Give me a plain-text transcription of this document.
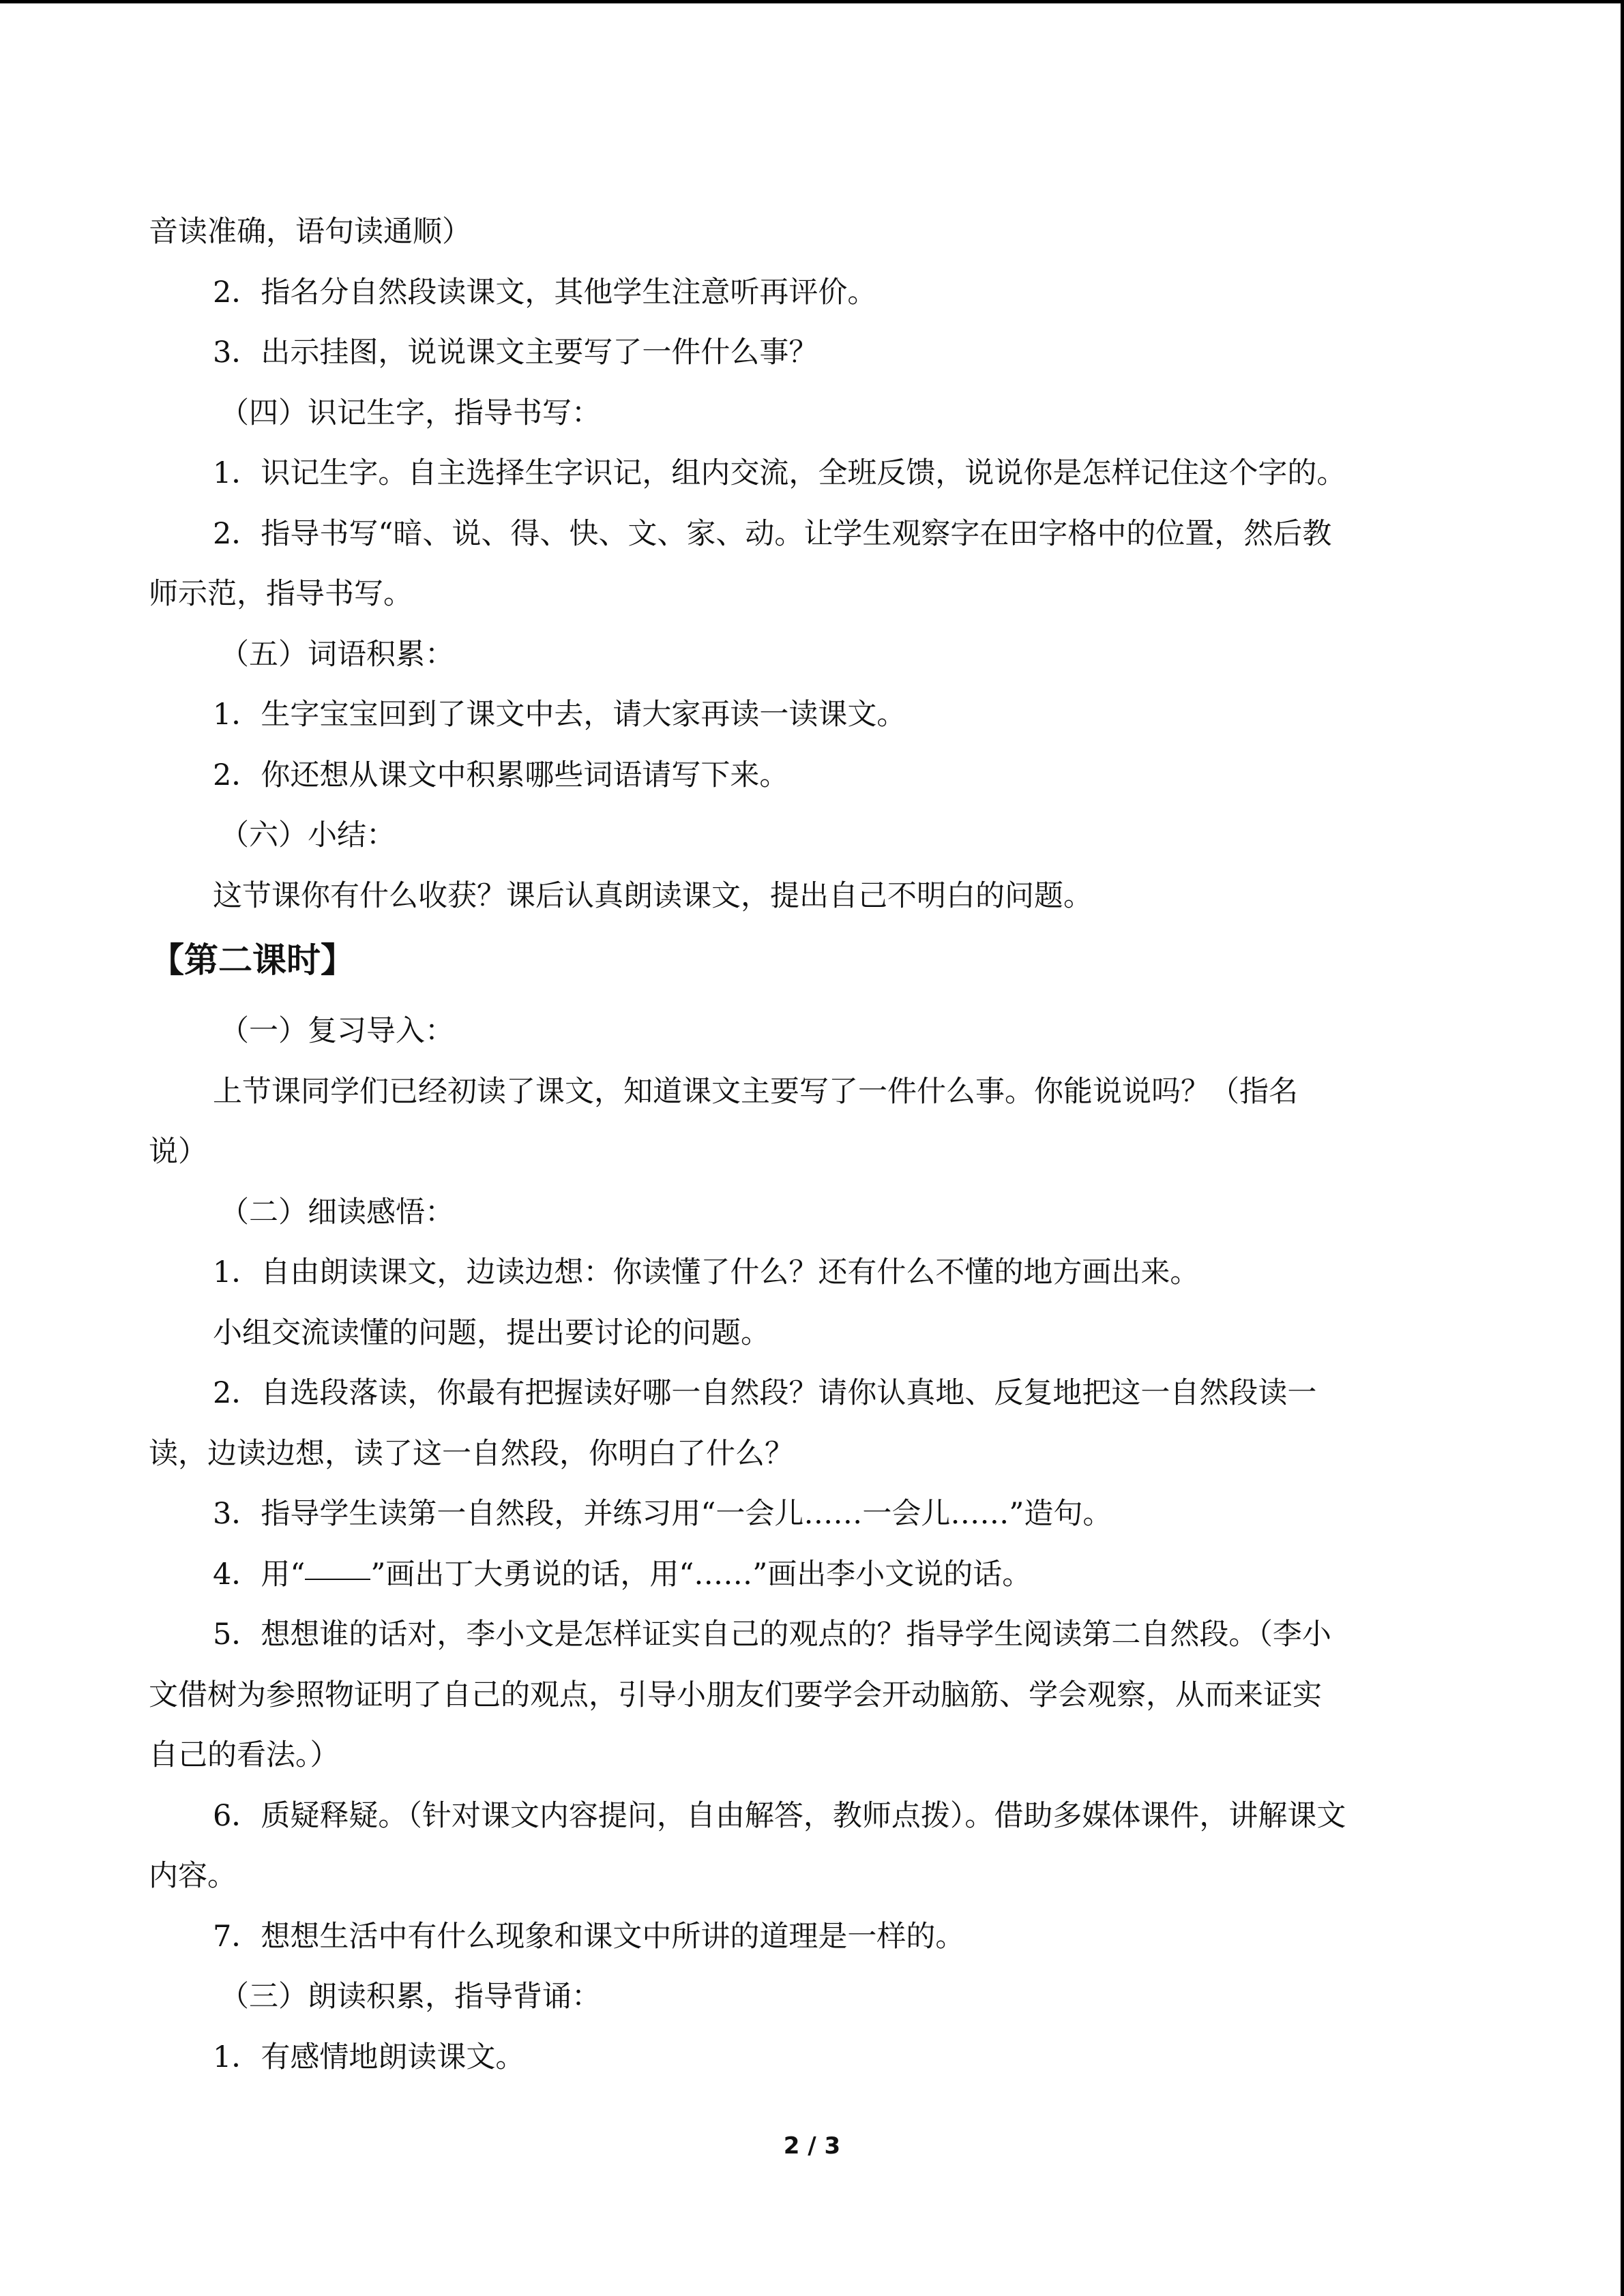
音读准确，语句读通顺）
2．指名分自然段读课文，其他学生注意听再评价。
3．出示挂图，说说课文主要写了一件什么事？
（四）识记生字，指导书写：
1．识记生字。自主选择生字识记，组内交流，全班反馈，说说你是怎样记住这个字的。
2．指导书写“暗、说、得、快、文、家、动。让学生观察字在田字格中的位置，然后教
师示范，指导书写。
（五）词语积累：
1．生字宝宝回到了课文中去，请大家再读一读课文。
2．你还想从课文中积累哪些词语请写下来。
（六）小结：
这节课你有什么收获？课后认真朗读课文，提出自己不明白的问题。
【第二课时】
（一）复习导入：
上节课同学们已经初读了课文，知道课文主要写了一件什么事。你能说说吗？（指名
说）
（二）细读感悟：
1．自由朗读课文，边读边想：你读懂了什么？还有什么不懂的地方画出来。
小组交流读懂的问题，提出要讨论的问题。
2．自选段落读，你最有把握读好哪一自然段？请你认真地、反复地把这一自然段读一
读，边读边想，读了这一自然段，你明白了什么？
3．指导学生读第一自然段，并练习用“一会儿……一会儿……”造句。
4．用“ ”画出丁大勇说的话，用“……”画出李小文说的话。
5．想想谁的话对，李小文是怎样证实自己的观点的？指导学生阅读第二自然段。（李小
文借树为参照物证明了自己的观点，引导小朋友们要学会开动脑筋、学会观察，从而来证实
自己的看法。）
6．质疑释疑。（针对课文内容提问，自由解答，教师点拨）。借助多媒体课件，讲解课文
内容。
7．想想生活中有什么现象和课文中所讲的道理是一样的。
（三）朗读积累，指导背诵：
1．有感情地朗读课文。
2 / 3
